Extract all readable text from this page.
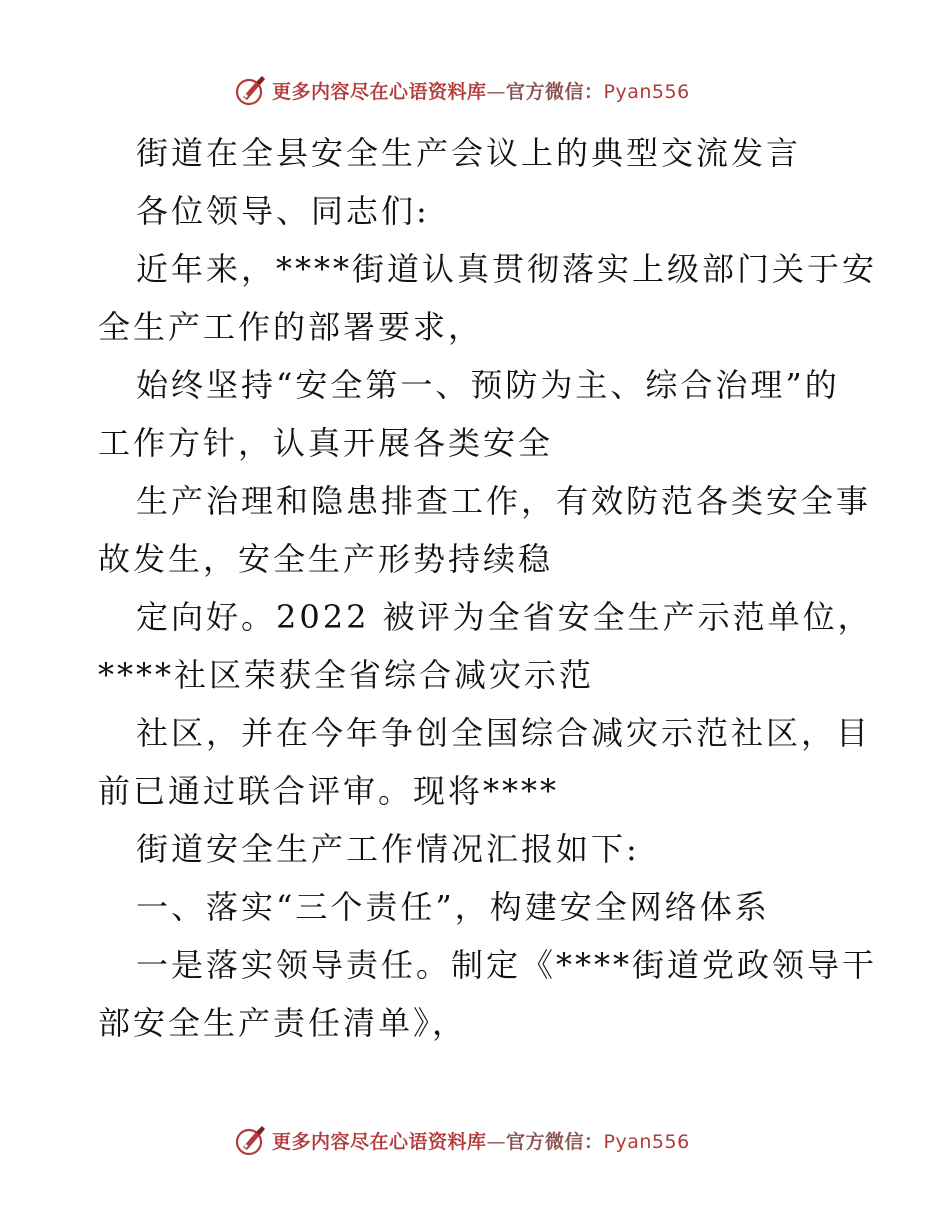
更多内容尽在心语资料库—官方微信：Pyan556
街道在全县安全生产会议上的典型交流发言
各位领导、同志们:
近年来，****街道认真贯彻落实上级部门关于安
全生产工作的部署要求，
始终坚持“安全第一、预防为主、综合治理”的
工作方针，认真开展各类安全
生产治理和隐患排查工作，有效防范各类安全事
故发生，安全生产形势持续稳
定向好。2022 被评为全省安全生产示范单位，
****社区荣获全省综合减灾示范
社区，并在今年争创全国综合减灾示范社区，目
前已通过联合评审。现将****
街道安全生产工作情况汇报如下:
一、落实“三个责任”，构建安全网络体系
一是落实领导责任。制定《****街道党政领导干
部安全生产责任清单》，
更多内容尽在心语资料库—官方微信：Pyan556
